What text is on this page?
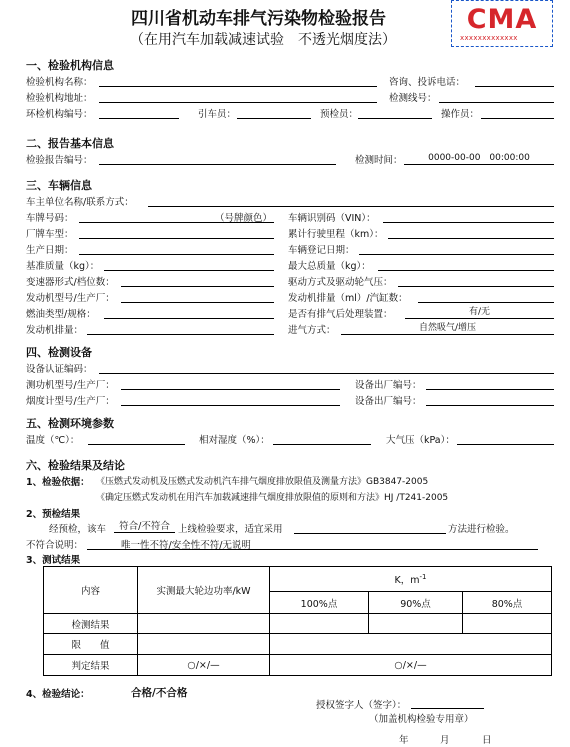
四川省机动车排气污染物检验报告
（在用汽车加载减速试验　不透光烟度法）
CMA
xxxxxxxxxxxxx
一、检验机构信息
检验机构名称：	咨询、投诉电话：
检验机构地址：	检测线号：
环检机构编号：	引车员：	预检员：	操作员：
二、报告基本信息
检验报告编号：	检测时间：	0000-00-00　00:00:00
三、车辆信息
车主单位名称/联系方式：
车牌号码：	（号牌颜色） 车辆识别码（VIN）：
厂牌车型：	累计行驶里程（km）：
生产日期：	车辆登记日期：
基准质量（kg）：	最大总质量（kg）：
变速器形式/档位数：	驱动方式及驱动轮气压：
发动机型号/生产厂：	发动机排量（ml）/汽缸数：
燃油类型/规格：	是否有排气后处理装置：	有/无
发动机排量：	进气方式：	自然吸气/增压
四、检测设备
设备认证编码：
测功机型号/生产厂：	设备出厂编号：
烟度计型号/生产厂：	设备出厂编号：
五、检测环境参数
温度（℃）：	相对湿度（%）：	大气压（kPa）：
六、检验结果及结论
1、检验依据： 《压燃式发动机及压燃式发动机汽车排气烟度排放限值及测量方法》GB3847-2005
《确定压燃式发动机在用汽车加载减速排气烟度排放限值的原则和方法》HJ /T241-2005
2、预检结果
经预检，该车	符合/不符合 上线检验要求，适宜采用	方法进行检验。
不符合说明：	唯一性不符/安全性不符/无说明
3、测试结果
内容	实测最大轮边功率/kW	K，$m^{-1}$
		100%点	90%点	80%点
检测结果				
限　　值				
判定结果	○/×/—	○/×/—		
4、检验结论：	合格/不合格
授权签字人（签字）：
（加盖机构检验专用章）
年	月	日
